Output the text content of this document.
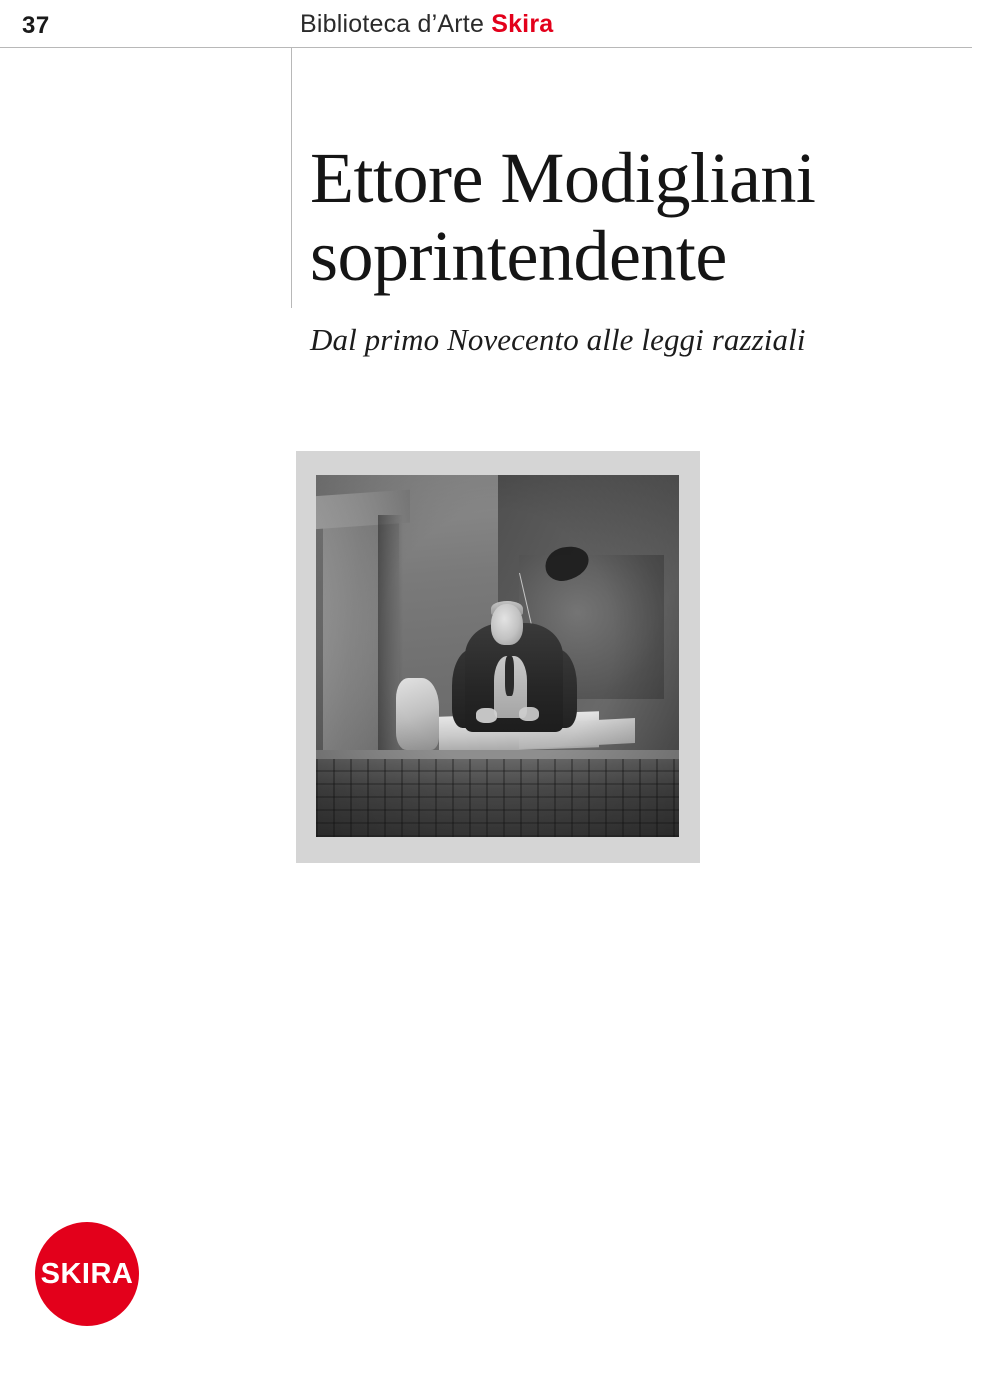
37	Biblioteca d’Arte Skira
Ettore Modigliani soprintendente

Dal primo Novecento alle leggi razziali

SKIRA
